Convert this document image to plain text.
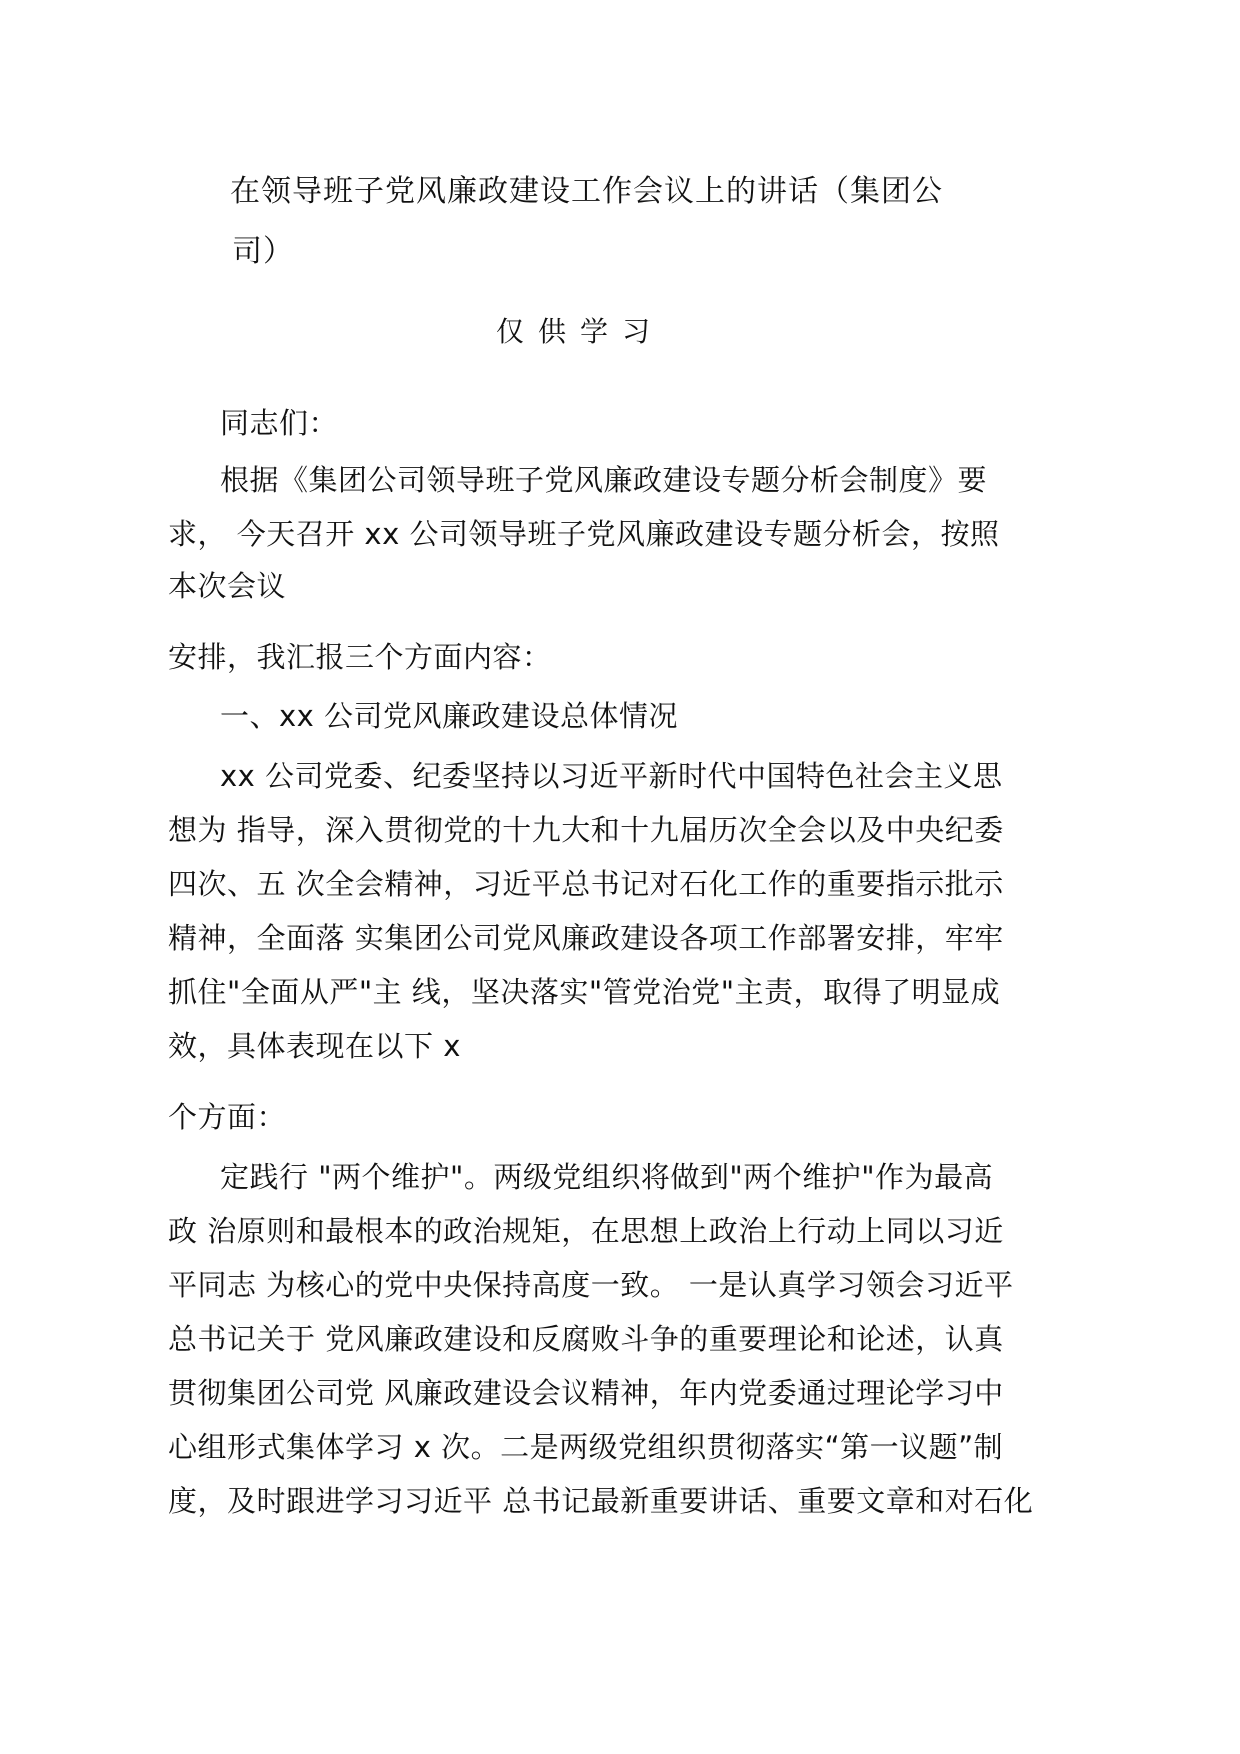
在领导班子党风廉政建设工作会议上的讲话（集团公
司）
仅供学习
同志们：
根据《集团公司领导班子党风廉政建设专题分析会制度》要
求， 今天召开 xx 公司领导班子党风廉政建设专题分析会，按照
本次会议
安排，我汇报三个方面内容：
一、xx 公司党风廉政建设总体情况
xx 公司党委、纪委坚持以习近平新时代中国特色社会主义思
想为 指导，深入贯彻党的十九大和十九届历次全会以及中央纪委
四次、五 次全会精神，习近平总书记对石化工作的重要指示批示
精神，全面落 实集团公司党风廉政建设各项工作部署安排，牢牢
抓住"全面从严"主 线，坚决落实"管党治党"主责，取得了明显成
效，具体表现在以下 x
个方面：
定践行 "两个维护"。两级党组织将做到"两个维护"作为最高
政 治原则和最根本的政治规矩，在思想上政治上行动上同以习近
平同志 为核心的党中央保持高度一致。 一是认真学习领会习近平
总书记关于 党风廉政建设和反腐败斗争的重要理论和论述，认真
贯彻集团公司党 风廉政建设会议精神，年内党委通过理论学习中
心组形式集体学习 x 次。二是两级党组织贯彻落实“第一议题”制
度，及时跟进学习习近平 总书记最新重要讲话、重要文章和对石化
